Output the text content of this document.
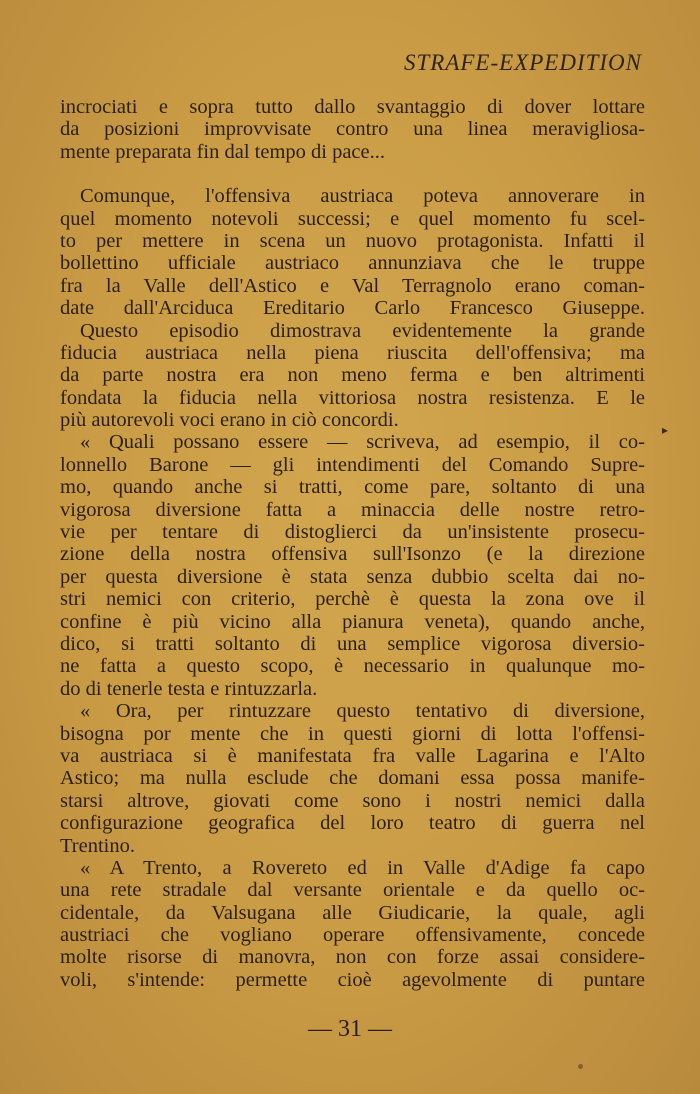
STRAFE-EXPEDITION
incrociati e sopra tutto dallo svantaggio di dover lottare
da posizioni improvvisate contro una linea meravigliosa-
mente preparata fin dal tempo di pace...
Comunque, l'offensiva austriaca poteva annoverare in
quel momento notevoli successi; e quel momento fu scel-
to per mettere in scena un nuovo protagonista. Infatti il
bollettino ufficiale austriaco annunziava che le truppe
fra la Valle dell'Astico e Val Terragnolo erano coman-
date dall'Arciduca Ereditario Carlo Francesco Giuseppe.
Questo episodio dimostrava evidentemente la grande
fiducia austriaca nella piena riuscita dell'offensiva; ma
da parte nostra era non meno ferma e ben altrimenti
fondata la fiducia nella vittoriosa nostra resistenza. E le
più autorevoli voci erano in ciò concordi.
« Quali possano essere — scriveva, ad esempio, il co-
lonnello Barone — gli intendimenti del Comando Supre-
mo, quando anche si tratti, come pare, soltanto di una
vigorosa diversione fatta a minaccia delle nostre retro-
vie per tentare di distoglierci da un'insistente prosecu-
zione della nostra offensiva sull'Isonzo (e la direzione
per questa diversione è stata senza dubbio scelta dai no-
stri nemici con criterio, perchè è questa la zona ove il
confine è più vicino alla pianura veneta), quando anche,
dico, si tratti soltanto di una semplice vigorosa diversio-
ne fatta a questo scopo, è necessario in qualunque mo-
do di tenerle testa e rintuzzarla.
« Ora, per rintuzzare questo tentativo di diversione,
bisogna por mente che in questi giorni di lotta l'offensi-
va austriaca si è manifestata fra valle Lagarina e l'Alto
Astico; ma nulla esclude che domani essa possa manife-
starsi altrove, giovati come sono i nostri nemici dalla
configurazione geografica del loro teatro di guerra nel
Trentino.
« A Trento, a Rovereto ed in Valle d'Adige fa capo
una rete stradale dal versante orientale e da quello oc-
cidentale, da Valsugana alle Giudicarie, la quale, agli
austriaci che vogliano operare offensivamente, concede
molte risorse di manovra, non con forze assai considere-
voli, s'intende: permette cioè agevolmente di puntare
▸
— 31 —
